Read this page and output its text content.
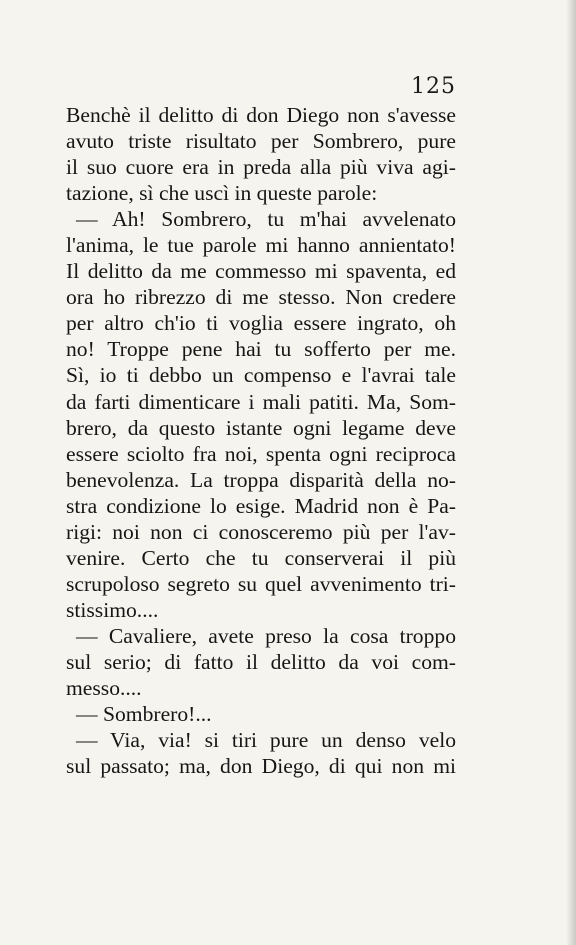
125
Benchè il delitto di don Diego non s'avesse
avuto triste risultato per Sombrero, pure
il suo cuore era in preda alla più viva agi-
tazione, sì che uscì in queste parole:
— Ah! Sombrero, tu m'hai avvelenato
l'anima, le tue parole mi hanno annientato!
Il delitto da me commesso mi spaventa, ed
ora ho ribrezzo di me stesso. Non credere
per altro ch'io ti voglia essere ingrato, oh
no! Troppe pene hai tu sofferto per me.
Sì, io ti debbo un compenso e l'avrai tale
da farti dimenticare i mali patiti. Ma, Som-
brero, da questo istante ogni legame deve
essere sciolto fra noi, spenta ogni reciproca
benevolenza. La troppa disparità della no-
stra condizione lo esige. Madrid non è Pa-
rigi: noi non ci conosceremo più per l'av-
venire. Certo che tu conserverai il più
scrupoloso segreto su quel avvenimento tri-
stissimo....
— Cavaliere, avete preso la cosa troppo
sul serio; di fatto il delitto da voi com-
messo....
— Sombrero!...
— Via, via! si tiri pure un denso velo
sul passato; ma, don Diego, di qui non mi
